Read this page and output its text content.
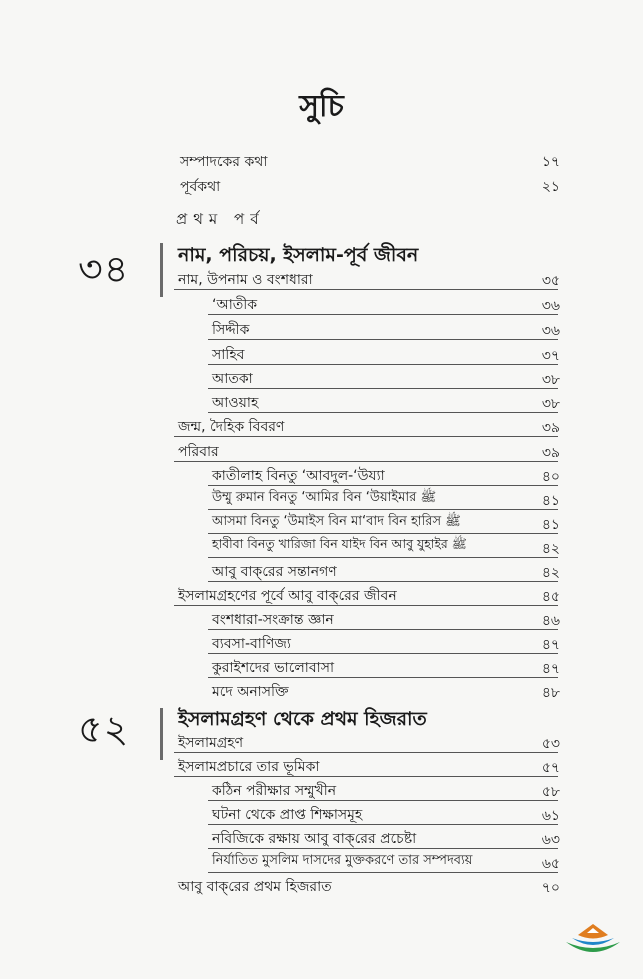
সুচি
সম্পাদকের কথা	১৭
পূর্বকথা	২১
প্রথম পর্ব
৩৪	নাম, পরিচয়, ইসলাম-পূর্ব জীবন
নাম, উপনাম ও বংশধারা	৩৫
‘আতীক	৩৬
সিদ্দীক	৩৬
সাহিব	৩৭
আতকা	৩৮
আওয়াহ	৩৮
জন্ম, দৈহিক বিবরণ	৩৯
পরিবার	৩৯
কাতীলাহ বিনতু ‘আবদুল-‘উয্যা	৪০
উম্মু রুমান বিনতু ‘আমির বিন ‘উয়াইমার ﷺ	৪১
আসমা বিনতু ‘উমাইস বিন মা‘বাদ বিন হারিস ﷺ	৪১
হাবীবা বিনতু খারিজা বিন যাইদ বিন আবু যুহাইর ﷺ	৪২
আবু বাক্‌রের সন্তানগণ	৪২
ইসলামগ্রহণের পূর্বে আবু বাক্‌রের জীবন	৪৫
বংশধারা-সংক্রান্ত জ্ঞান	৪৬
ব্যবসা-বাণিজ্য	৪৭
কুরাইশদের ভালোবাসা	৪৭
মদে অনাসক্তি	৪৮
৫২	ইসলামগ্রহণ থেকে প্রথম হিজরাত
ইসলামগ্রহণ	৫৩
ইসলামপ্রচারে তার ভূমিকা	৫৭
কঠিন পরীক্ষার সম্মুখীন	৫৮
ঘটনা থেকে প্রাপ্ত শিক্ষাসমূহ	৬১
নবিজিকে রক্ষায় আবু বাক্‌রের প্রচেষ্টা	৬৩
নির্যাতিত মুসলিম দাসদের মুক্তকরণে তার সম্পদব্যয়	৬৫
আবু বাক্‌রের প্রথম হিজরাত	৭০
